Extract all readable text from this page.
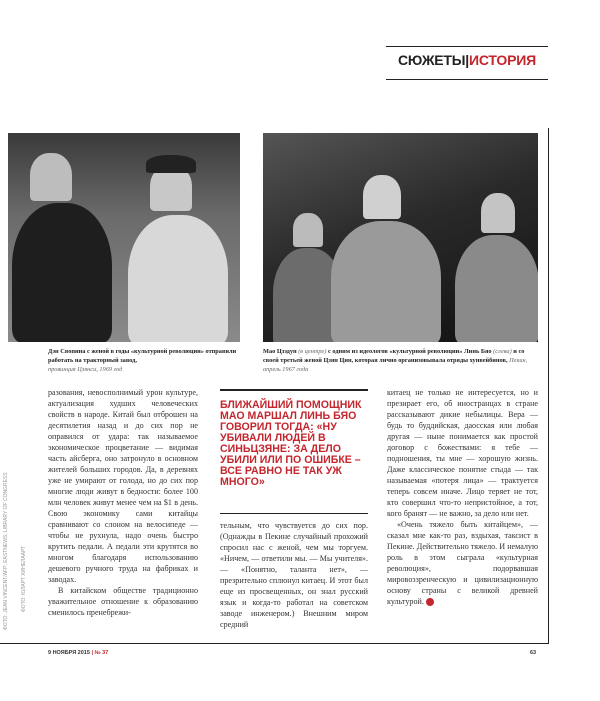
СЮЖЕТЫ|ИСТОРИЯ
Дэн Сяопина с женой в годы «культурной революции» отправили работать на тракторный завод,
провинция Цзянси, 1969 год
Мао Цзэдун (в центре) с одним из идеологов «культурной революции» Линь Бяо (слева) и со своей третьей женой Цзян Цин, которая лично организовывала отряды хунвейбинов, Пекин, апрель 1967 года
ФОТО: JEAN VINCENT/AFP; EASTNEWS; LIBRARY OF CONGRESS ФОТО: ЮЛАРТ ХИНЕЛААРТ

разования, невосполнимый урон культуре, актуализация худших человеческих свойств в народе. Китай был отброшен на десятилетия назад и до сих пор не оправился от удара: так называемое экономическое процветание — видимая часть айсберга, оно затронуло в основном жителей больших городов. Да, в деревнях уже не умирают от голода, но до сих пор многие люди живут в бедности: более 100 млн человек живут менее чем на $1 в день. Свою экономику сами китайцы сравнивают со слоном на велосипеде — чтобы не рухнула, надо очень быстро крутить педали. А педали эти крутятся во многом благодаря использованию дешевого ручного труда на фабриках и заводах.

В китайском обществе традиционно уважительное отношение к образованию сменилось пренебрежи-

БЛИЖАЙШИЙ ПОМОЩНИК МАО МАРШАЛ ЛИНЬ БЯО ГОВОРИЛ ТОГДА: «НУ УБИВАЛИ ЛЮДЕЙ В СИНЬЦЗЯНЕ: ЗА ДЕЛО УБИЛИ ИЛИ ПО ОШИБКЕ – ВСЕ РАВНО НЕ ТАК УЖ МНОГО»

тельным, что чувствуется до сих пор. (Однажды в Пекине случайный прохожий спросил нас с женой, чем мы торгуем. «Ничем, — ответили мы. — Мы учителя». — «Понятно, таланта нет», — презрительно сплюнул китаец. И этот был еще из просвещенных, он знал русский язык и когда-то работал на советском заводе инженером.) Внешним миром средний

китаец не только не интересуется, но и презирает его, об иностранцах в стране рассказывают дикие небылицы. Вера — будь то буддийская, даосская или любая другая — ныне понимается как простой договор с божествами: я тебе — подношения, ты мне — хорошую жизнь. Даже классическое понятие стыда — так называемая «потеря лица» — трактуется теперь совсем иначе. Лицо теряет не тот, кто совершил что-то непристойное, а тот, кого бранят — не важно, за дело или нет.

«Очень тяжело быть китайцем», — сказал мне как-то раз, вздыхая, таксист в Пекине. Действительно тяжело. И немалую роль в этом сыграла «культурная революция», подорвавшая мировоззренческую и цивилизационную основу страны с великой древней культурой.

9 НОЯБРЯ 2015 | № 37	63
